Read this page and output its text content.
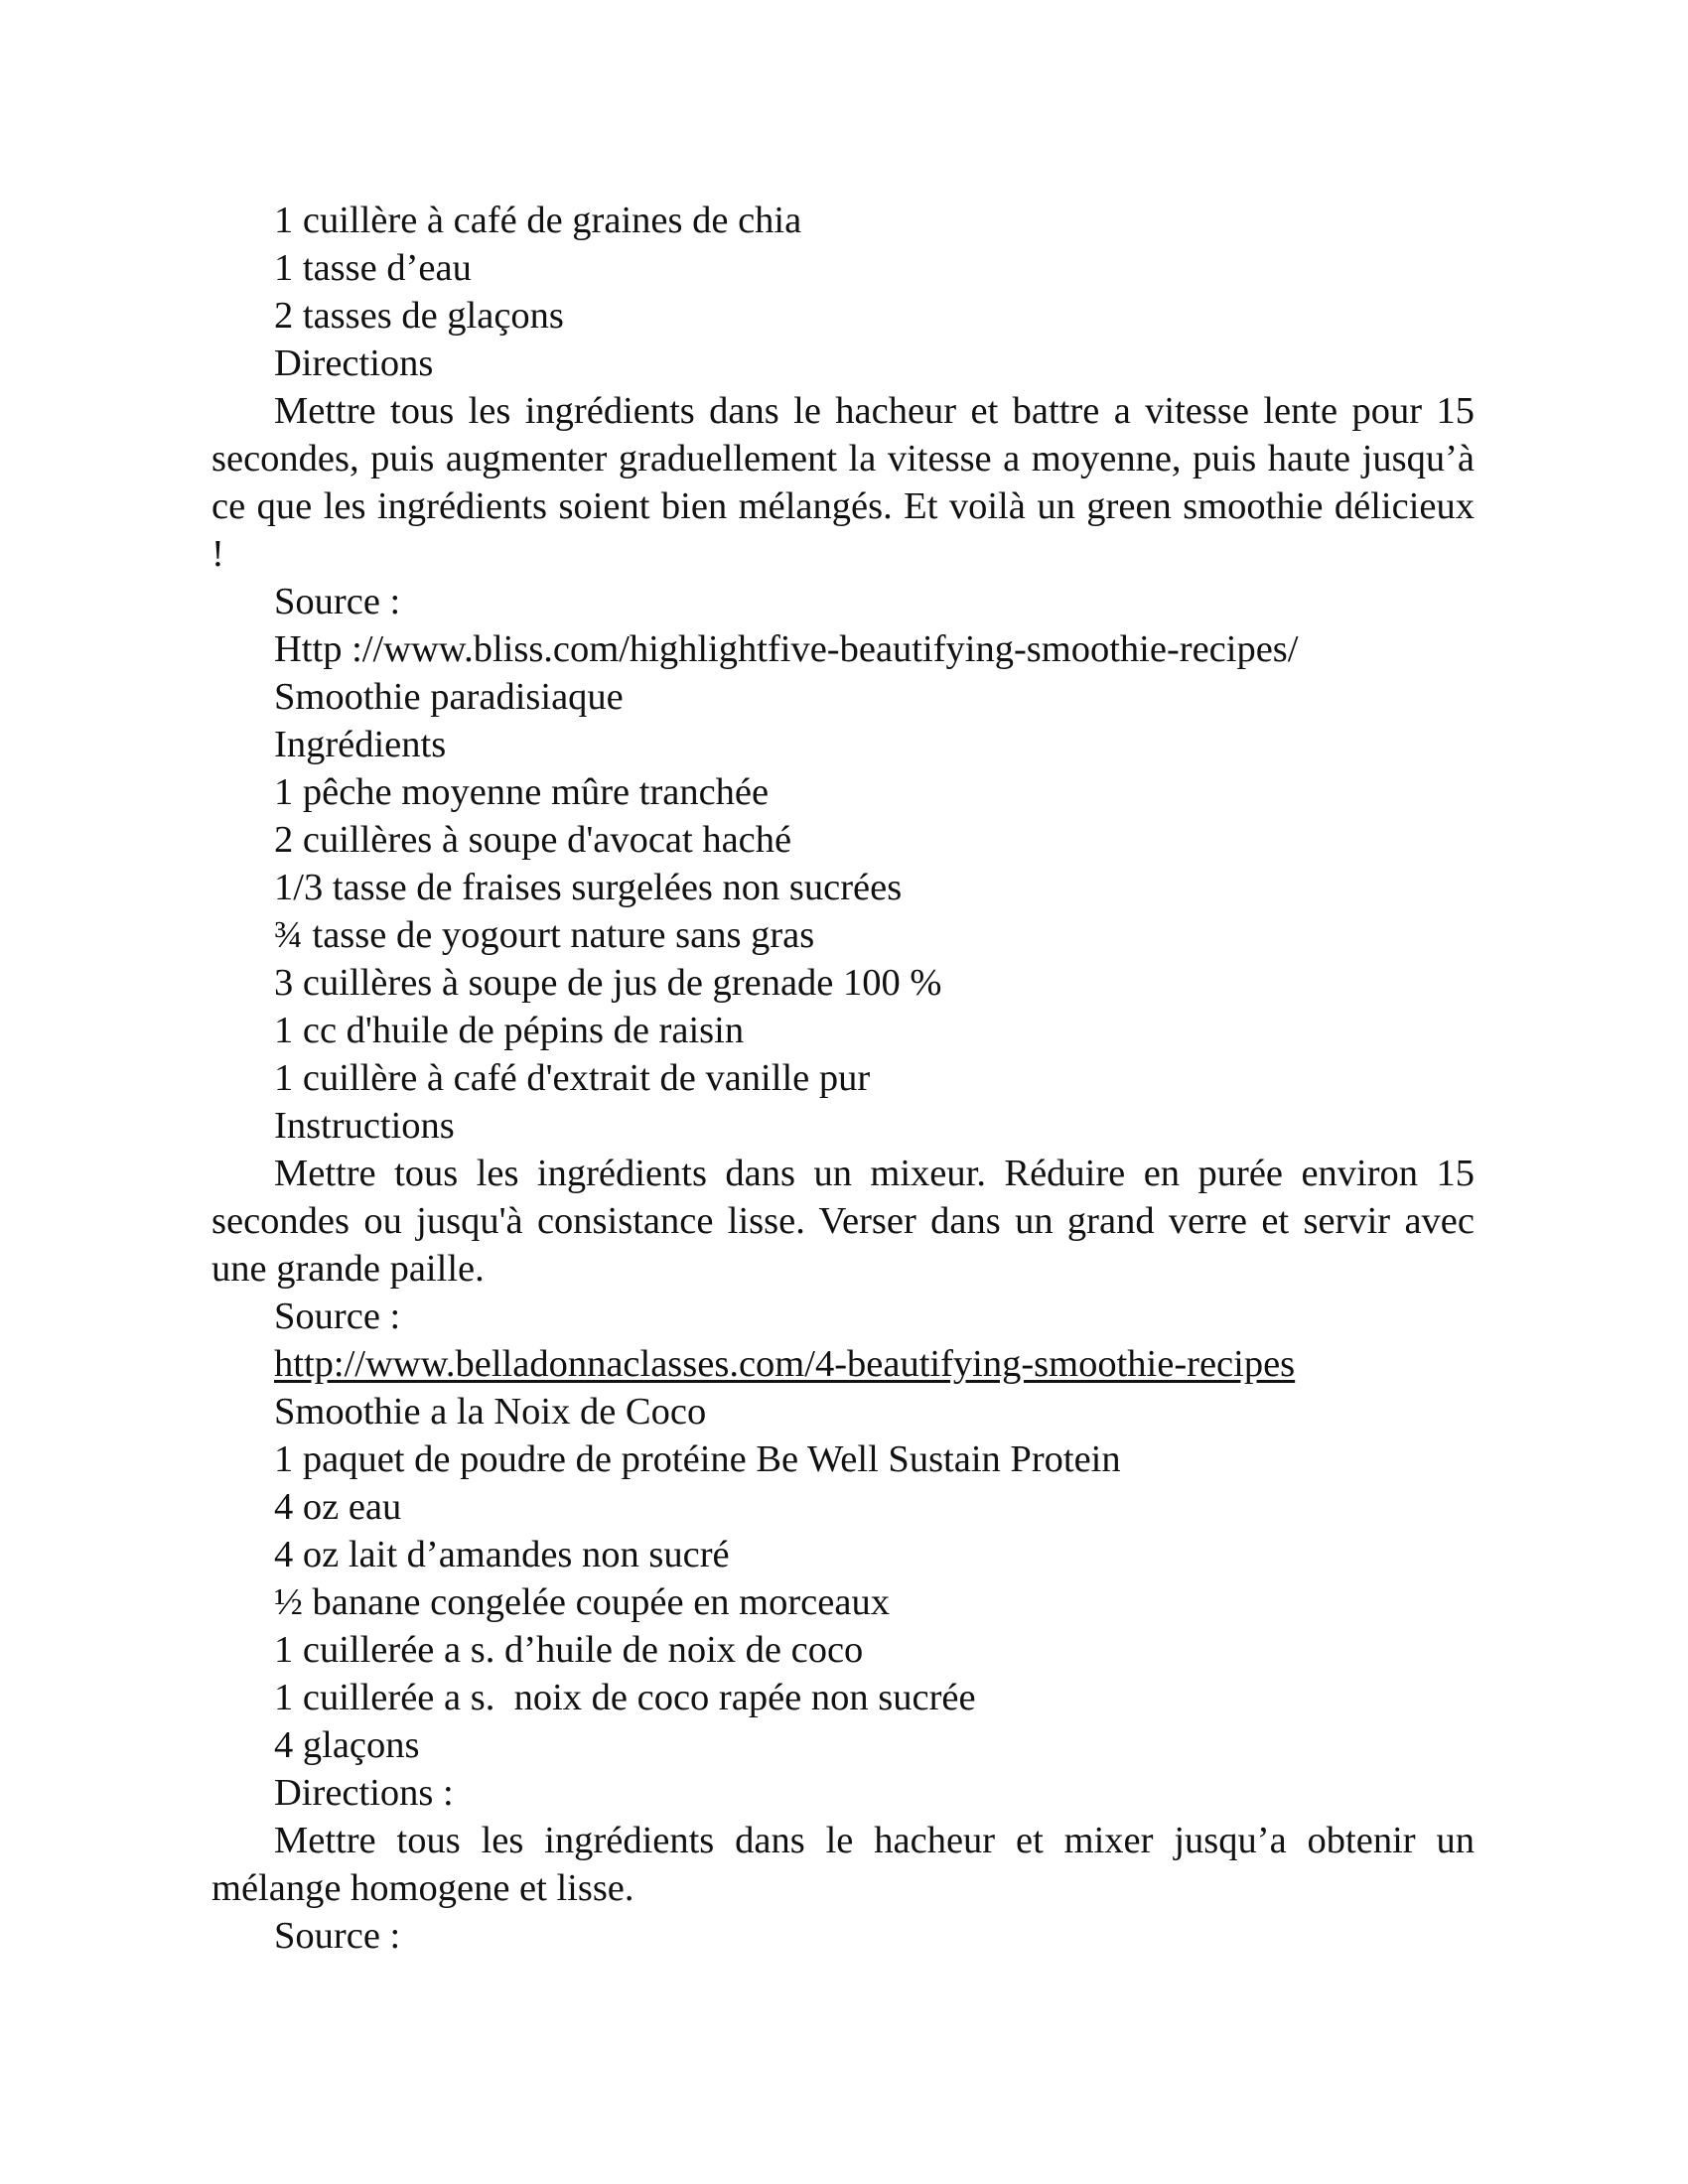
1 cuillère à café de graines de chia
1 tasse d’eau
2 tasses de glaçons
Directions
Mettre tous les ingrédients dans le hacheur et battre a vitesse lente pour 15 secondes, puis augmenter graduellement la vitesse a moyenne, puis haute jusqu’à ce que les ingrédients soient bien mélangés. Et voilà un green smoothie délicieux !
Source :
Http ://www.bliss.com/highlightfive-beautifying-smoothie-recipes/
Smoothie paradisiaque
Ingrédients
1 pêche moyenne mûre tranchée
2 cuillères à soupe d'avocat haché
1/3 tasse de fraises surgelées non sucrées
¾ tasse de yogourt nature sans gras
3 cuillères à soupe de jus de grenade 100 %
1 cc d'huile de pépins de raisin
1 cuillère à café d'extrait de vanille pur
Instructions
Mettre tous les ingrédients dans un mixeur. Réduire en purée environ 15 secondes ou jusqu'à consistance lisse. Verser dans un grand verre et servir avec une grande paille.
Source :
http://www.belladonnaclasses.com/4-beautifying-smoothie-recipes
Smoothie a la Noix de Coco
1 paquet de poudre de protéine Be Well Sustain Protein
4 oz eau
4 oz lait d’amandes non sucré
½ banane congelée coupée en morceaux
1 cuillerée a s. d’huile de noix de coco
1 cuillerée a s.  noix de coco rapée non sucrée
4 glaçons
Directions :
Mettre tous les ingrédients dans le hacheur et mixer jusqu’a obtenir un mélange homogene et lisse.
Source :
